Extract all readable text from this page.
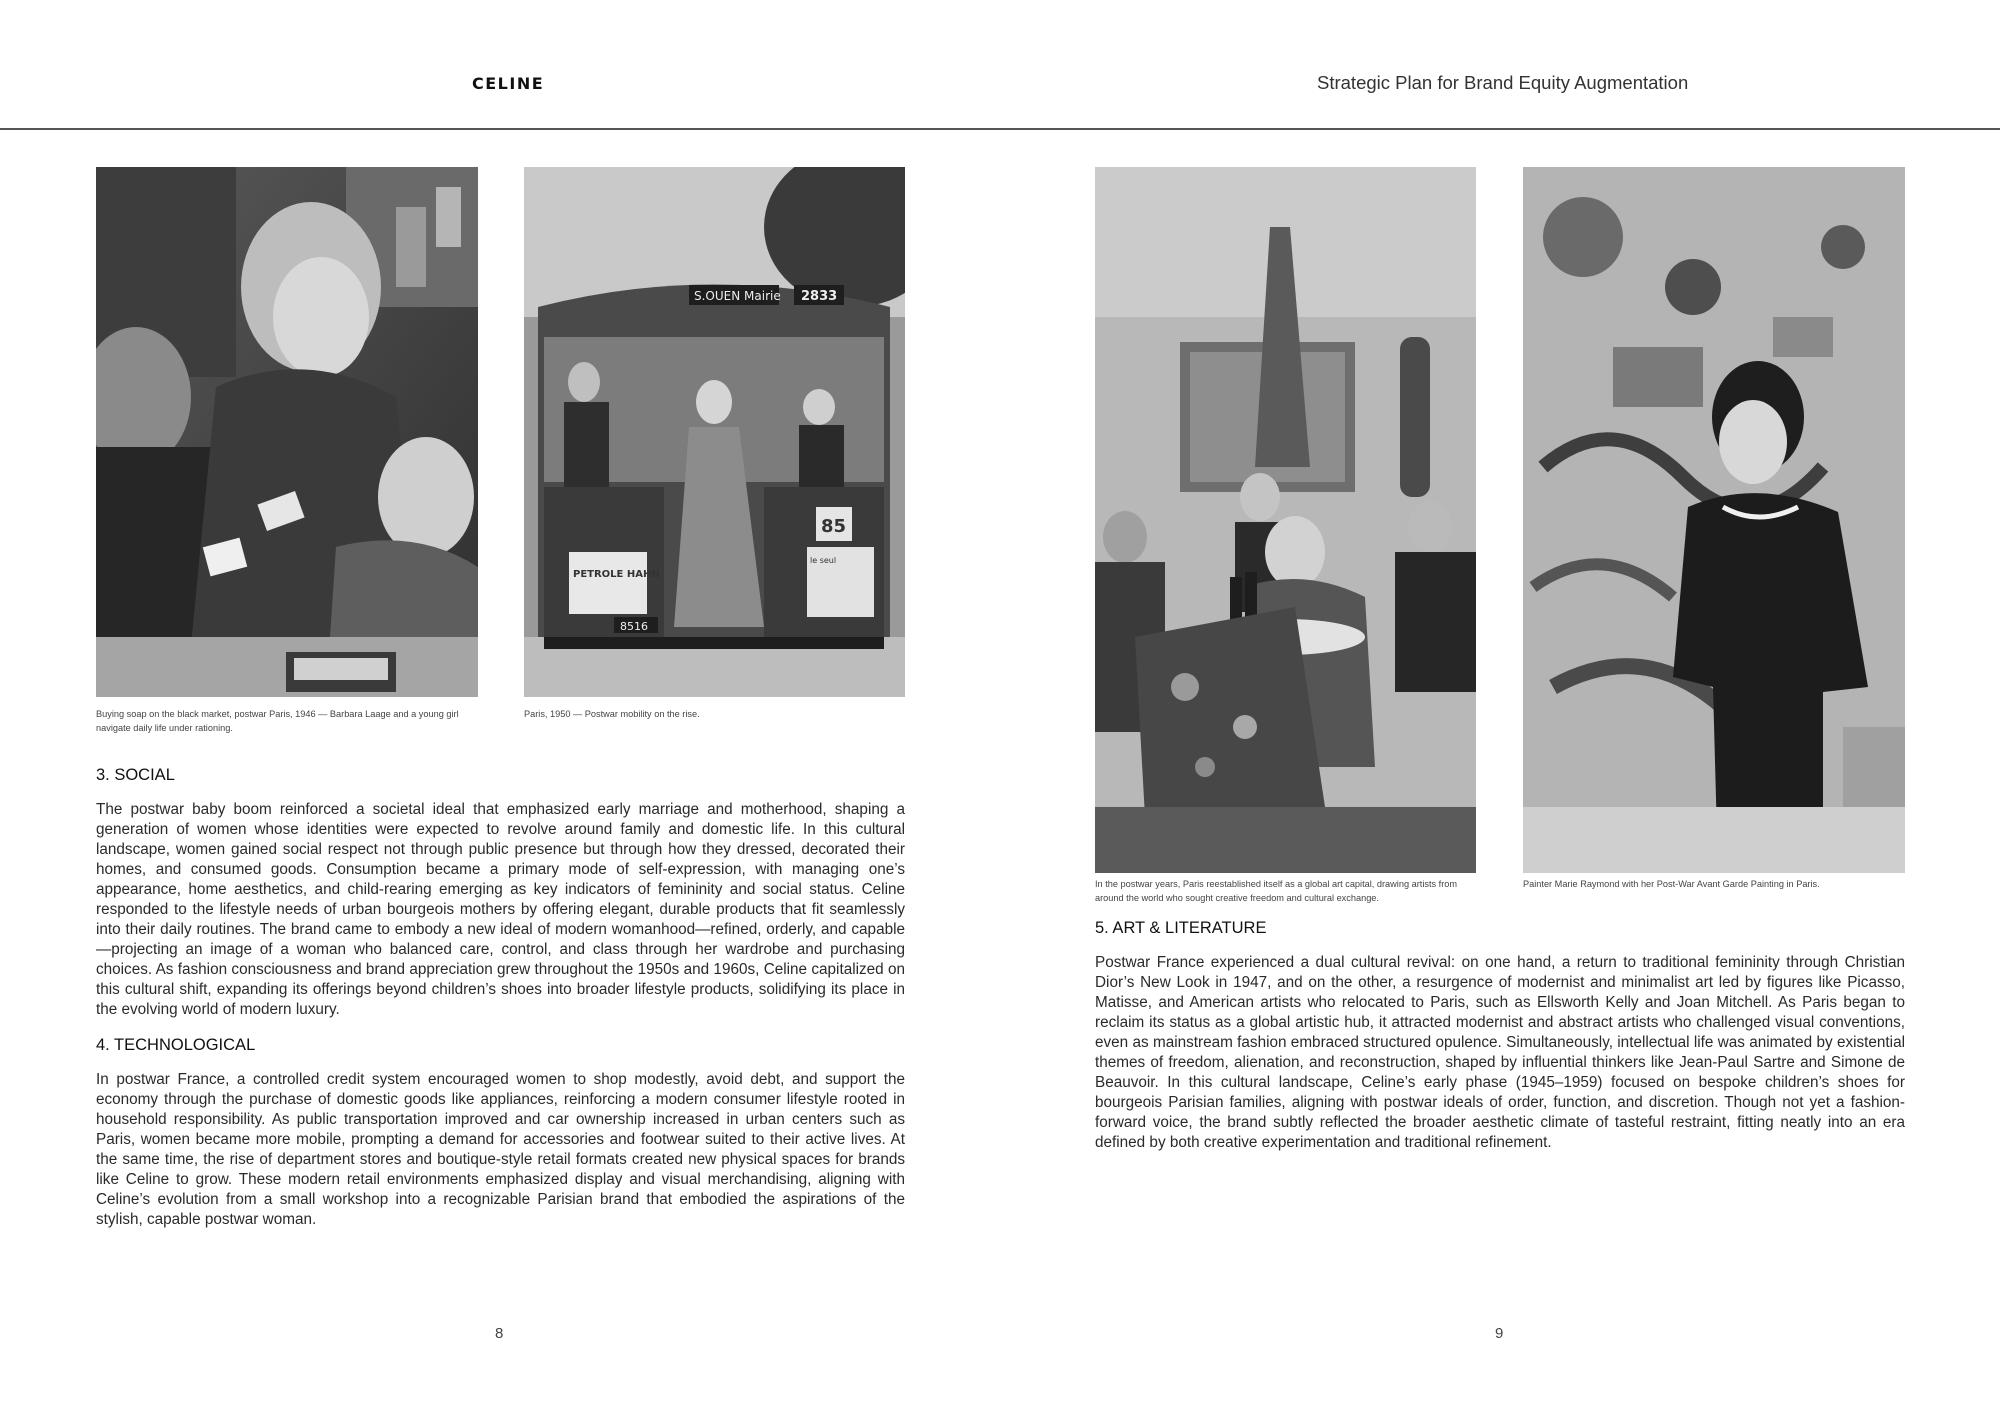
CELINE	Strategic Plan for Brand Equity Augmentation
Buying soap on the black market, postwar Paris, 1946 — Barbara Laage and a young girl navigate daily life under rationing.
S.OUEN Mairie 2833
PETROLE HAHN
le seul
85
8516
Paris, 1950 — Postwar mobility on the rise.
3. SOCIAL
The postwar baby boom reinforced a societal ideal that emphasized early marriage and motherhood, shaping a generation of women whose identities were expected to revolve around family and domestic life. In this cultural landscape, women gained social respect not through public presence but through how they dressed, decorated their homes, and consumed goods. Consumption became a primary mode of self-expression, with managing one’s appearance, home aesthetics, and child-rearing emerging as key indicators of femininity and social status. Celine responded to the lifestyle needs of urban bourgeois mothers by offering elegant, durable products that fit seamlessly into their daily routines. The brand came to embody a new ideal of modern womanhood—refined, orderly, and capable—projecting an image of a woman who balanced care, control, and class through her wardrobe and purchasing choices. As fashion consciousness and brand appreciation grew throughout the 1950s and 1960s, Celine capitalized on this cultural shift, expanding its offerings beyond children’s shoes into broader lifestyle products, solidifying its place in the evolving world of modern luxury.
4. TECHNOLOGICAL
In postwar France, a controlled credit system encouraged women to shop modestly, avoid debt, and support the economy through the purchase of domestic goods like appliances, reinforcing a modern consumer lifestyle rooted in household responsibility. As public transportation improved and car ownership increased in urban centers such as Paris, women became more mobile, prompting a demand for accessories and footwear suited to their active lives. At the same time, the rise of department stores and boutique-style retail formats created new physical spaces for brands like Celine to grow. These modern retail environments emphasized display and visual merchandising, aligning with Celine’s evolution from a small workshop into a recognizable Parisian brand that embodied the aspirations of the stylish, capable postwar woman.
8
In the postwar years, Paris reestablished itself as a global art capital, drawing artists from around the world who sought creative freedom and cultural exchange.
Painter Marie Raymond with her Post-War Avant Garde Painting in Paris.
5. ART & LITERATURE
Postwar France experienced a dual cultural revival: on one hand, a return to traditional femininity through Christian Dior’s New Look in 1947, and on the other, a resurgence of modernist and minimalist art led by figures like Picasso, Matisse, and American artists who relocated to Paris, such as Ellsworth Kelly and Joan Mitchell. As Paris began to reclaim its status as a global artistic hub, it attracted modernist and abstract artists who challenged visual conventions, even as mainstream fashion embraced structured opulence. Simultaneously, intellectual life was animated by existential themes of freedom, alienation, and reconstruction, shaped by influential thinkers like Jean-Paul Sartre and Simone de Beauvoir. In this cultural landscape, Celine’s early phase (1945–1959) focused on bespoke children’s shoes for bourgeois Parisian families, aligning with postwar ideals of order, function, and discretion. Though not yet a fashion-forward voice, the brand subtly reflected the broader aesthetic climate of tasteful restraint, fitting neatly into an era defined by both creative experimentation and traditional refinement.
9
